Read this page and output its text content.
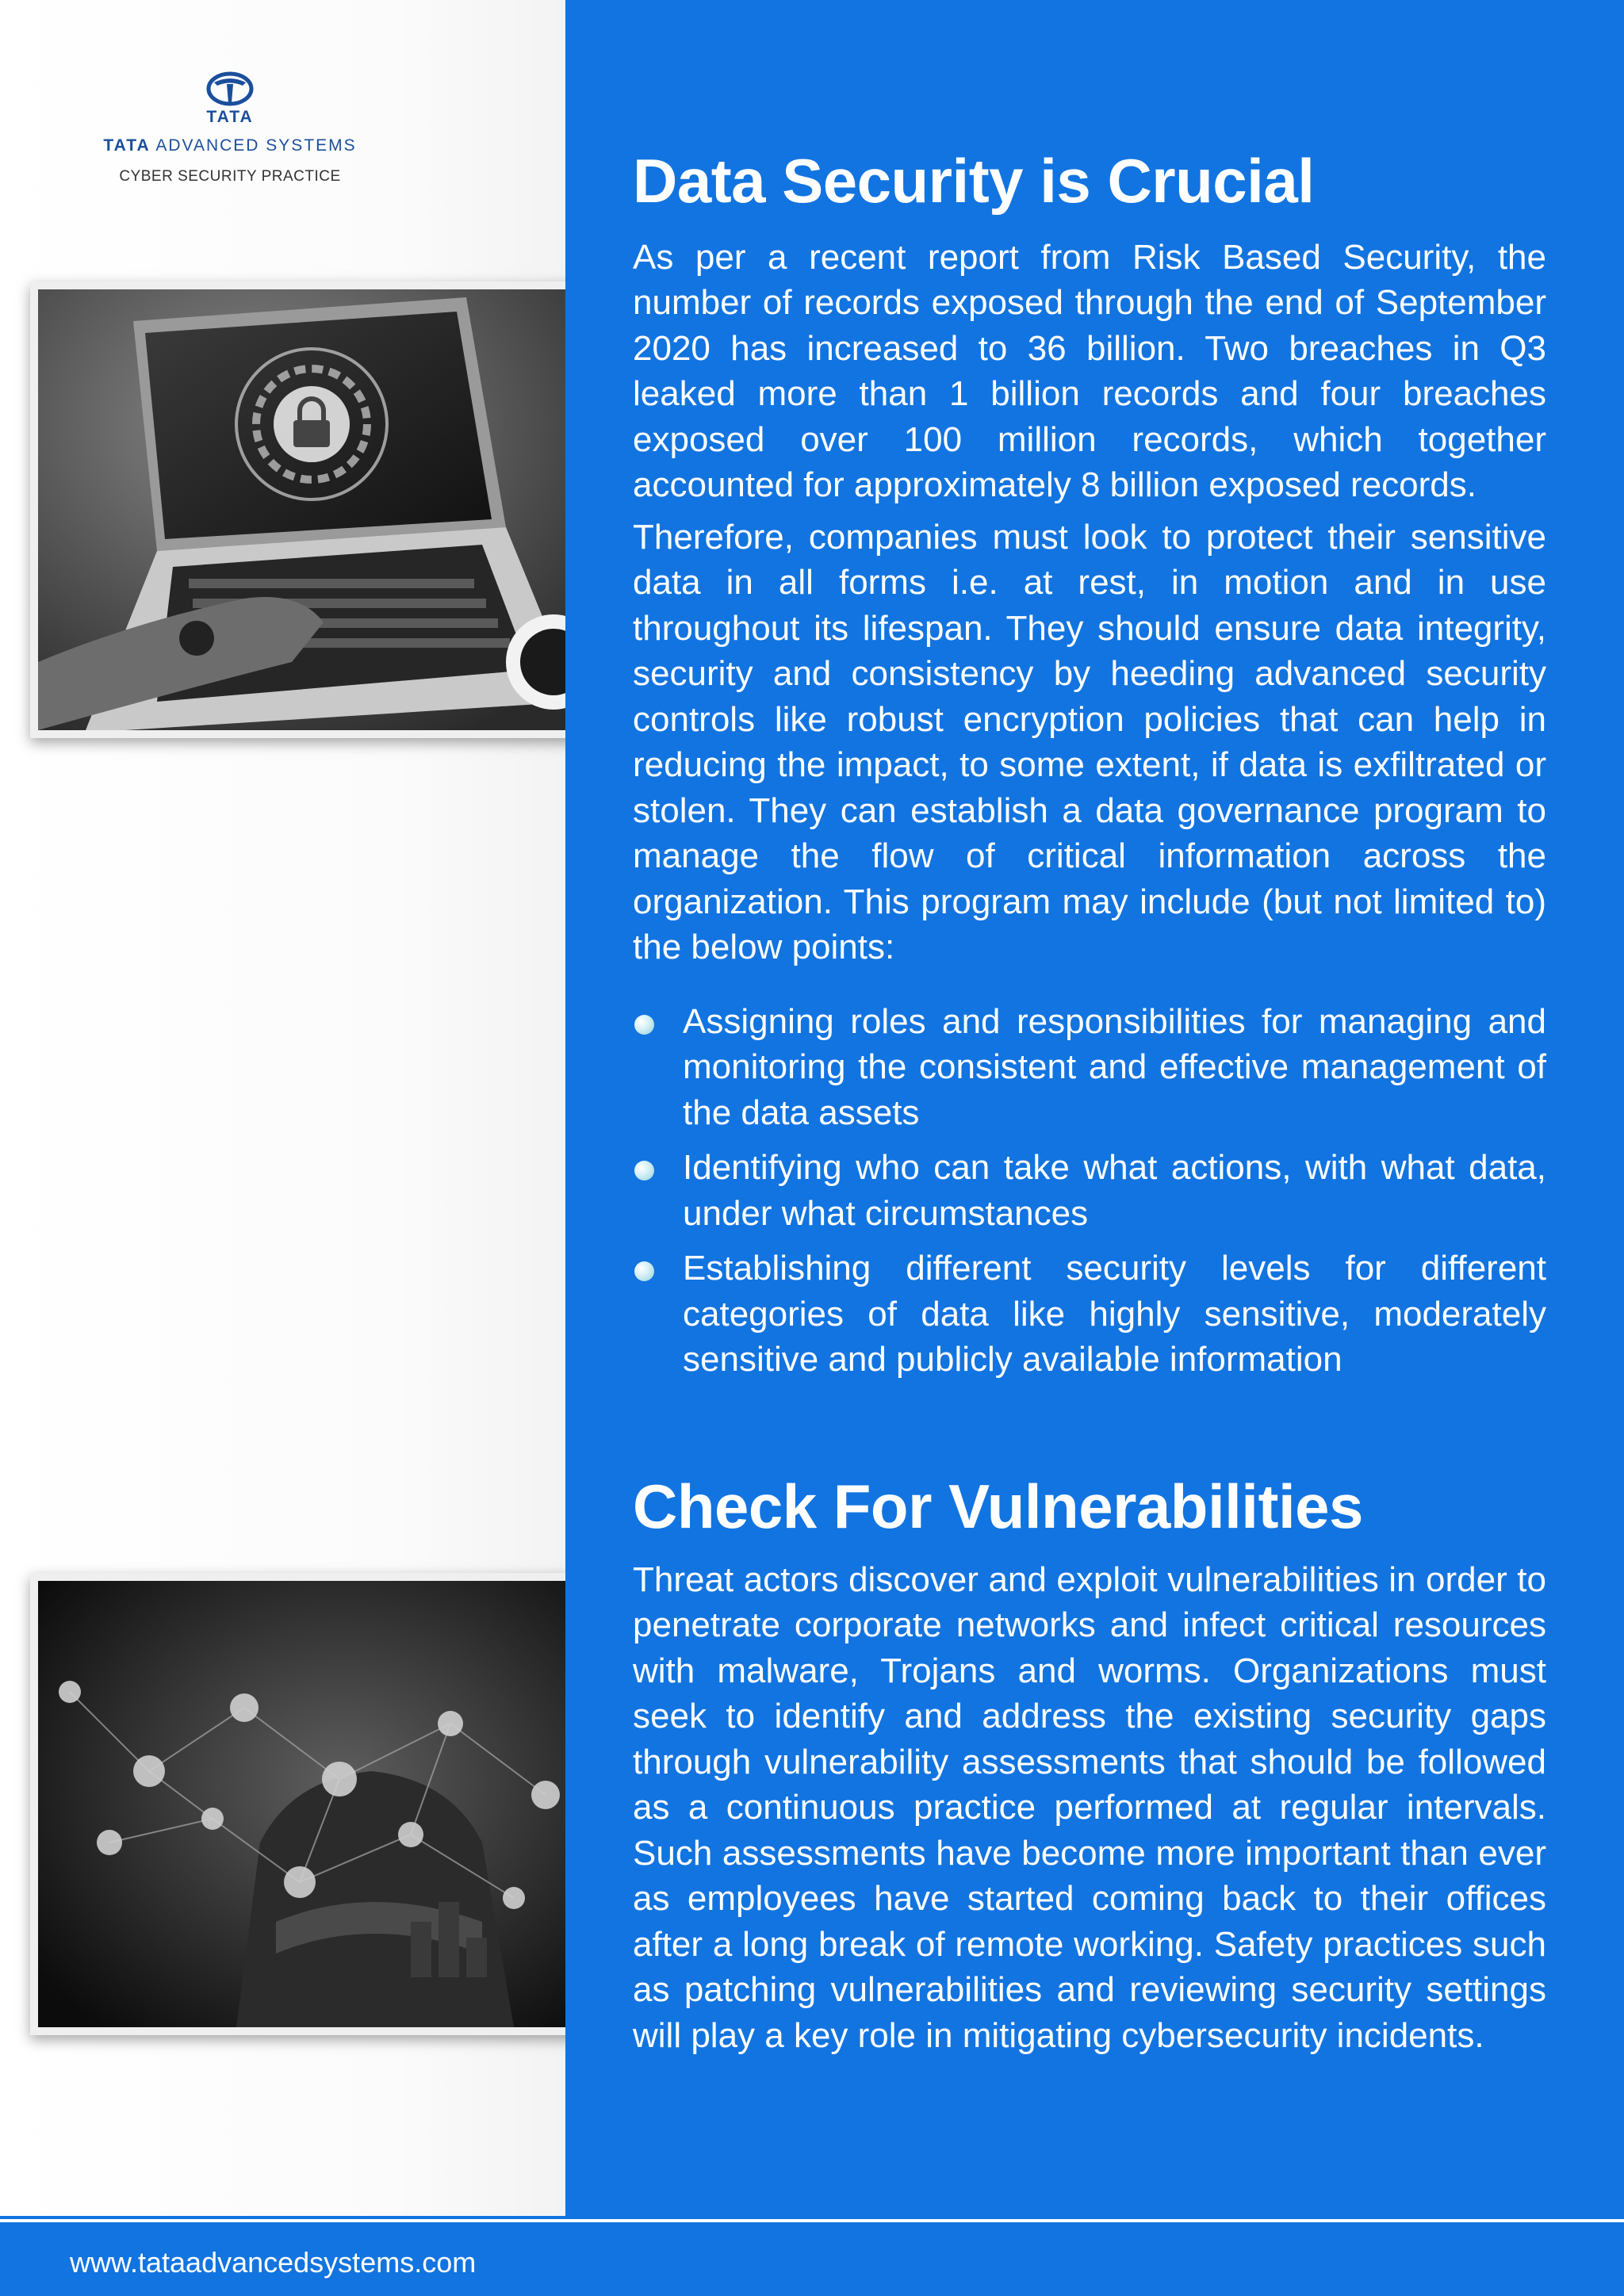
TATA
TATA ADVANCED SYSTEMS
CYBER SECURITY PRACTICE	Data Security is Crucial

As per a recent report from Risk Based Security, the number of records exposed through the end of September 2020 has increased to 36 billion. Two breaches in Q3 leaked more than 1 billion records and four breaches exposed over 100 million records, which together accounted for approximately 8 billion exposed records.

Therefore, companies must look to protect their sensitive data in all forms i.e. at rest, in motion and in use throughout its lifespan. They should ensure data integrity, security and consistency by heeding advanced security controls like robust encryption policies that can help in reducing the impact, to some extent, if data is exfiltrated or stolen. They can establish a data governance program to manage the flow of critical information across the organization. This program may include (but not limited to) the below points:

Assigning roles and responsibilities for managing and monitoring the consistent and effective management of the data assets
Identifying who can take what actions, with what data, under what circumstances
Establishing different security levels for different categories of data like highly sensitive, moderately sensitive and publicly available information
Check For Vulnerabilities

Threat actors discover and exploit vulnerabilities in order to penetrate corporate networks and infect critical resources with malware, Trojans and worms. Organizations must seek to identify and address the existing security gaps through vulnerability assessments that should be followed as a continuous practice performed at regular intervals. Such assessments have become more important than ever as employees have started coming back to their offices after a long break of remote working. Safety practices such as patching vulnerabilities and reviewing security settings will play a key role in mitigating cybersecurity incidents.

www.tataadvancedsystems.com
